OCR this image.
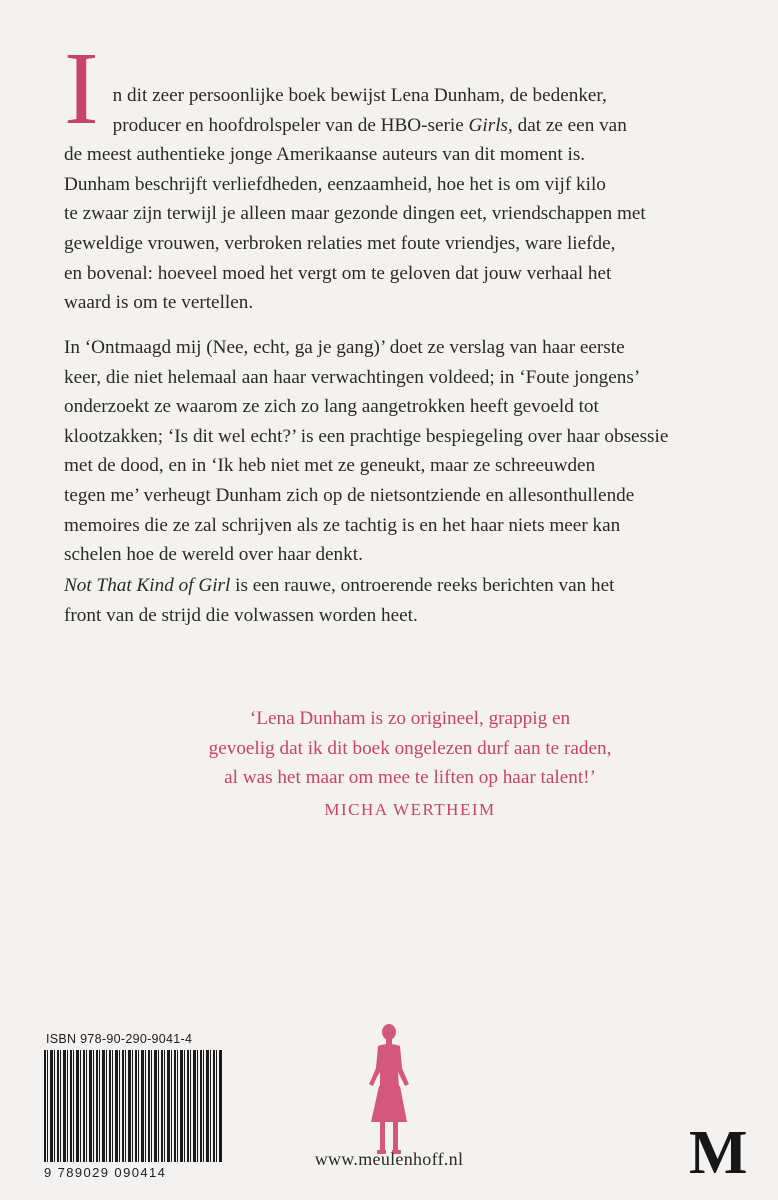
I n dit zeer persoonlijke boek bewijst Lena Dunham, de bedenker,
producer en hoofdrolspeler van de HBO-serie Girls, dat ze een van

de meest authentieke jonge Amerikaanse auteurs van dit moment is.
Dunham beschrijft verliefdheden, eenzaamheid, hoe het is om vijf kilo
te zwaar zijn terwijl je alleen maar gezonde dingen eet, vriendschappen met
geweldige vrouwen, verbroken relaties met foute vriendjes, ware liefde,
en bovenal: hoeveel moed het vergt om te geloven dat jouw verhaal het
waard is om te vertellen.
In ‘Ontmaagd mij (Nee, echt, ga je gang)’ doet ze verslag van haar eerste
keer, die niet helemaal aan haar verwachtingen voldeed; in ‘Foute jongens’
onderzoekt ze waarom ze zich zo lang aangetrokken heeft gevoeld tot
klootzakken; ‘Is dit wel echt?’ is een prachtige bespiegeling over haar obsessie
met de dood, en in ‘Ik heb niet met ze geneukt, maar ze schreeuwden
tegen me’ verheugt Dunham zich op de nietsontziende en allesonthullende
memoires die ze zal schrijven als ze tachtig is en het haar niets meer kan
schelen hoe de wereld over haar denkt.
Not That Kind of Girl is een rauwe, ontroerende reeks berichten van het
front van de strijd die volwassen worden heet.
‘Lena Dunham is zo origineel, grappig en
gevoelig dat ik dit boek ongelezen durf aan te raden,
al was het maar om mee te liften op haar talent!’
MICHA WERTHEIM
ISBN 978-90-290-9041-4
9 789029 090414
www.meulenhoff.nl	M
